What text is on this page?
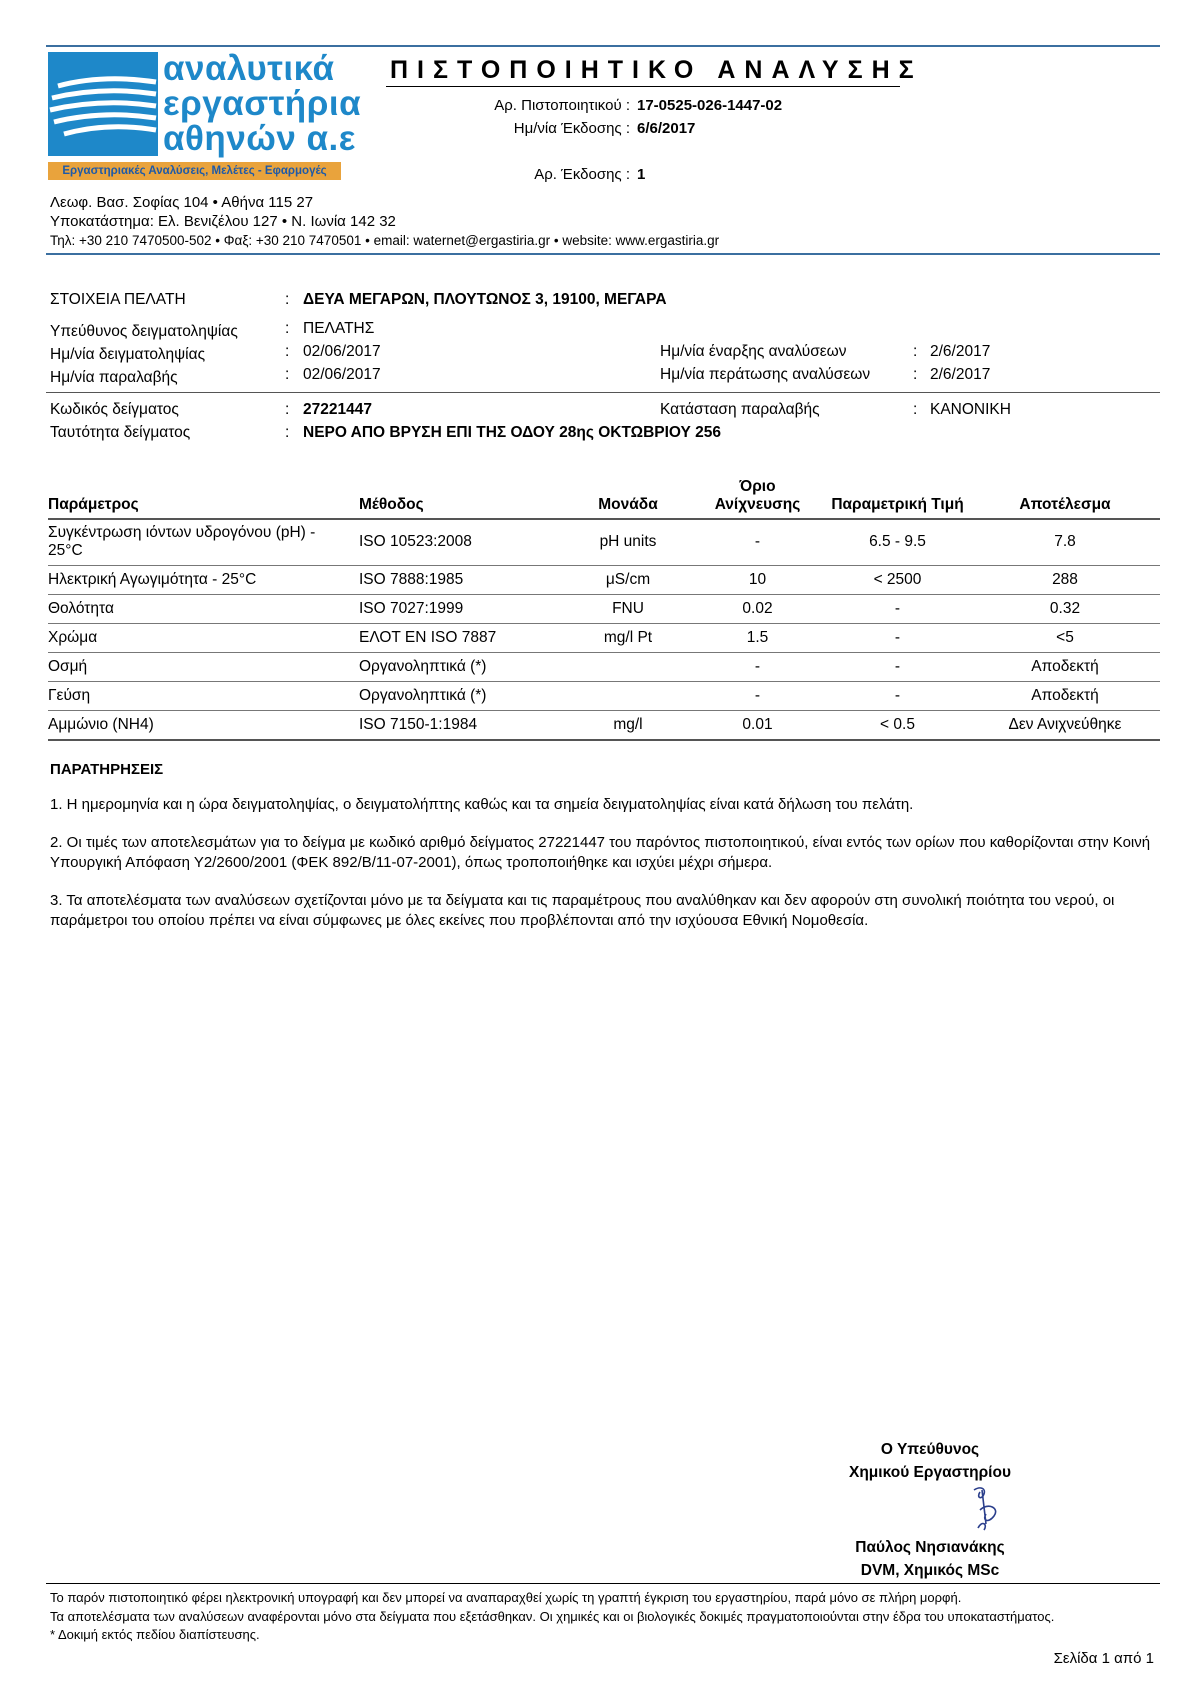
αναλυτικά
εργαστήρια
αθηνών α.ε
Εργαστηριακές Αναλύσεις, Μελέτες - Εφαρμογές
ΠΙΣΤΟΠΟΙΗΤΙΚΟ ΑΝΑΛΥΣΗΣ
Αρ. Πιστοποιητικού : 17-0525-026-1447-02
Ημ/νία Έκδοσης : 6/6/2017
Αρ. Έκδοσης : 1
Λεωφ. Βασ. Σοφίας 104 • Αθήνα 115 27
Υποκατάστημα: Ελ. Βενιζέλου 127 • Ν. Ιωνία 142 32
Τηλ: +30 210 7470500-502 • Φαξ: +30 210 7470501 • email: waternet@ergastiria.gr • website: www.ergastiria.gr
ΣΤΟΙΧΕΙΑ ΠΕΛΑΤΗ	: ΔΕΥΑ ΜΕΓΑΡΩΝ, ΠΛΟΥΤΩΝΟΣ 3, 19100, ΜΕΓΑΡΑ
Υπεύθυνος δειγματοληψίας	: ΠΕΛΑΤΗΣ
Ημ/νία δειγματοληψίας	: 02/06/2017	Ημ/νία έναρξης αναλύσεων	: 2/6/2017
Ημ/νία παραλαβής	: 02/06/2017	Ημ/νία περάτωσης αναλύσεων	: 2/6/2017
Κωδικός δείγματος	: 27221447	Κατάσταση παραλαβής	: ΚΑΝΟΝΙΚΗ
Ταυτότητα δείγματος	: ΝΕΡΟ ΑΠΟ ΒΡΥΣΗ ΕΠΙ ΤΗΣ ΟΔΟΥ 28ης ΟΚΤΩΒΡΙΟΥ 256
Παράμετρος	Μέθοδος	Μονάδα	Όριο
Ανίχνευσης	Παραμετρική Τιμή	Αποτέλεσμα
Συγκέντρωση ιόντων υδρογόνου (pH) - 25°C	ISO 10523:2008	pH units	-	6.5 - 9.5	7.8
Ηλεκτρική Αγωγιμότητα - 25°C	ISO 7888:1985	μS/cm	10	< 2500	288
Θολότητα	ISO 7027:1999	FNU	0.02	-	0.32
Χρώμα	ΕΛΟΤ EN ISO 7887	mg/l Pt	1.5	-	<5
Οσμή	Οργανοληπτικά (*)		-	-	Αποδεκτή
Γεύση	Οργανοληπτικά (*)		-	-	Αποδεκτή
Αμμώνιο (NH4)	ISO 7150-1:1984	mg/l	0.01	< 0.5	Δεν Ανιχνεύθηκε
ΠΑΡΑΤΗΡΗΣΕΙΣ
1. Η ημερομηνία και η ώρα δειγματοληψίας, ο δειγματολήπτης καθώς και τα σημεία δειγματοληψίας είναι κατά δήλωση του πελάτη.
2. Οι τιμές των αποτελεσμάτων για το δείγμα με κωδικό αριθμό δείγματος 27221447 του παρόντος πιστοποιητικού, είναι εντός των ορίων που καθορίζονται στην Κοινή Υπουργική Απόφαση Υ2/2600/2001 (ΦΕΚ 892/Β/11-07-2001), όπως τροποποιήθηκε και ισχύει μέχρι σήμερα.
3. Τα αποτελέσματα των αναλύσεων σχετίζονται μόνο με τα δείγματα και τις παραμέτρους που αναλύθηκαν και δεν αφορούν στη συνολική ποιότητα του νερού, οι παράμετροι του οποίου πρέπει να είναι σύμφωνες με όλες εκείνες που προβλέπονται από την ισχύουσα Εθνική Νομοθεσία.
Ο Υπεύθυνος
Χημικού Εργαστηρίου
Παύλος Νησιανάκης
DVM, Χημικός MSc
Το παρόν πιστοποιητικό φέρει ηλεκτρονική υπογραφή και δεν μπορεί να αναπαραχθεί χωρίς τη γραπτή έγκριση του εργαστηρίου, παρά μόνο σε πλήρη μορφή.
Τα αποτελέσματα των αναλύσεων αναφέρονται μόνο στα δείγματα που εξετάσθηκαν. Οι χημικές και οι βιολογικές δοκιμές πραγματοποιούνται στην έδρα του υποκαταστήματος.
* Δοκιμή εκτός πεδίου διαπίστευσης.
Σελίδα 1 από 1
